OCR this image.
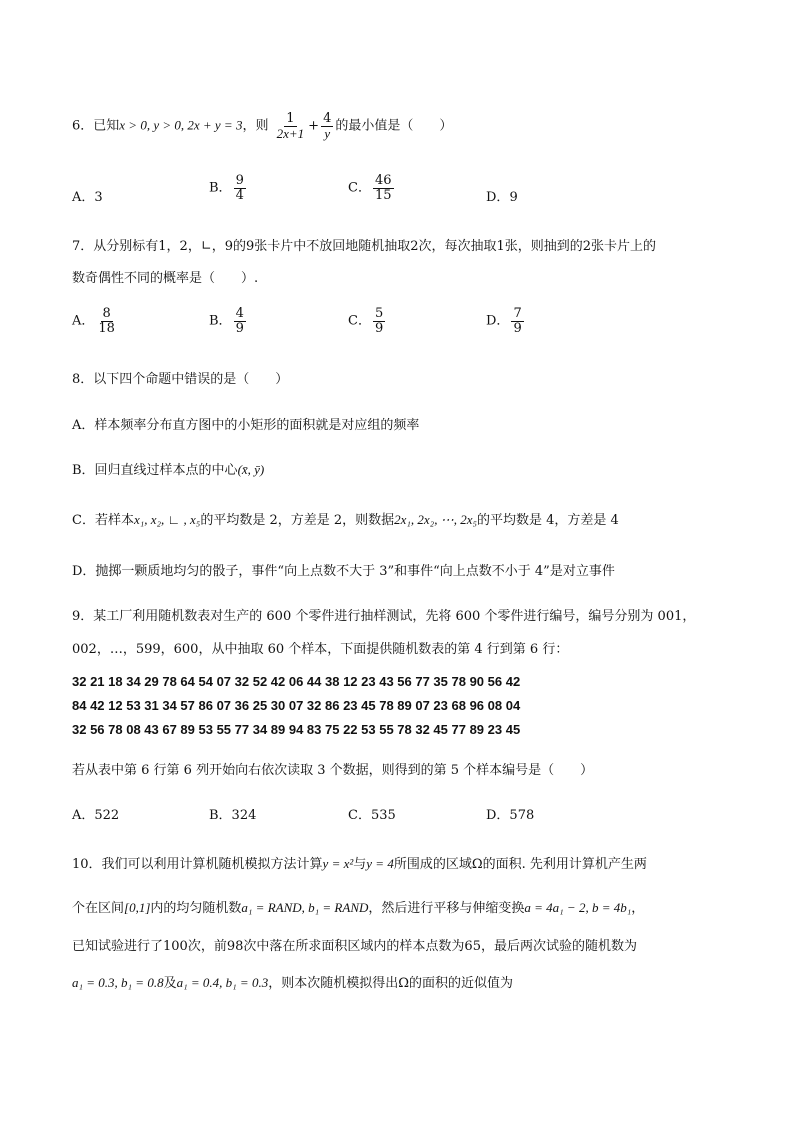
6．已知x > 0, y > 0, 2x + y = 3，则 $\frac{1}{2x+1} + \frac{4}{y}$ 的最小值是（　　）
A．3
B． $\frac{9}{4}$	C． $\frac{46}{15}$	D．9
7．从分别标有1，2，∟，9的9张卡片中不放回地随机抽取2次，每次抽取1张，则抽到的2张卡片上的
数奇偶性不同的概率是（　　）.
A． $\frac{8}{18}$	B． $\frac{4}{9}$	C． $\frac{5}{9}$	D． $\frac{7}{9}$
8．以下四个命题中错误的是（　　）
A．样本频率分布直方图中的小矩形的面积就是对应组的频率
B．回归直线过样本点的中心(x̄, ȳ)
C．若样本x₁, x₂, ∟ , x₅的平均数是 2，方差是 2，则数据2x₁, 2x₂, ⋯, 2x₅的平均数是 4，方差是 4
D．抛掷一颗质地均匀的骰子，事件“向上点数不大于 3”和事件“向上点数不小于 4”是对立事件
9．某工厂利用随机数表对生产的 600 个零件进行抽样测试，先将 600 个零件进行编号，编号分别为 001，
002，…，599，600，从中抽取 60 个样本，下面提供随机数表的第 4 行到第 6 行：
32 21 18 34 29 78 64 54 07 32 52 42 06 44 38 12 23 43 56 77 35 78 90 56 42
84 42 12 53 31 34 57 86 07 36 25 30 07 32 86 23 45 78 89 07 23 68 96 08 04
32 56 78 08 43 67 89 53 55 77 34 89 94 83 75 22 53 55 78 32 45 77 89 23 45
若从表中第 6 行第 6 列开始向右依次读取 3 个数据，则得到的第 5 个样本编号是（　　）
A．522	B．324	C．535	D．578
10．我们可以利用计算机随机模拟方法计算y = x²与y = 4所围成的区域Ω的面积. 先利用计算机产生两
个在区间[0,1]内的均匀随机数a₁ = RAND, b₁ = RAND，然后进行平移与伸缩变换a = 4a₁ − 2, b = 4b₁，
已知试验进行了100次，前98次中落在所求面积区域内的样本点数为65，最后两次试验的随机数为
a₁ = 0.3, b₁ = 0.8及a₁ = 0.4, b₁ = 0.3，则本次随机模拟得出Ω的面积的近似值为
